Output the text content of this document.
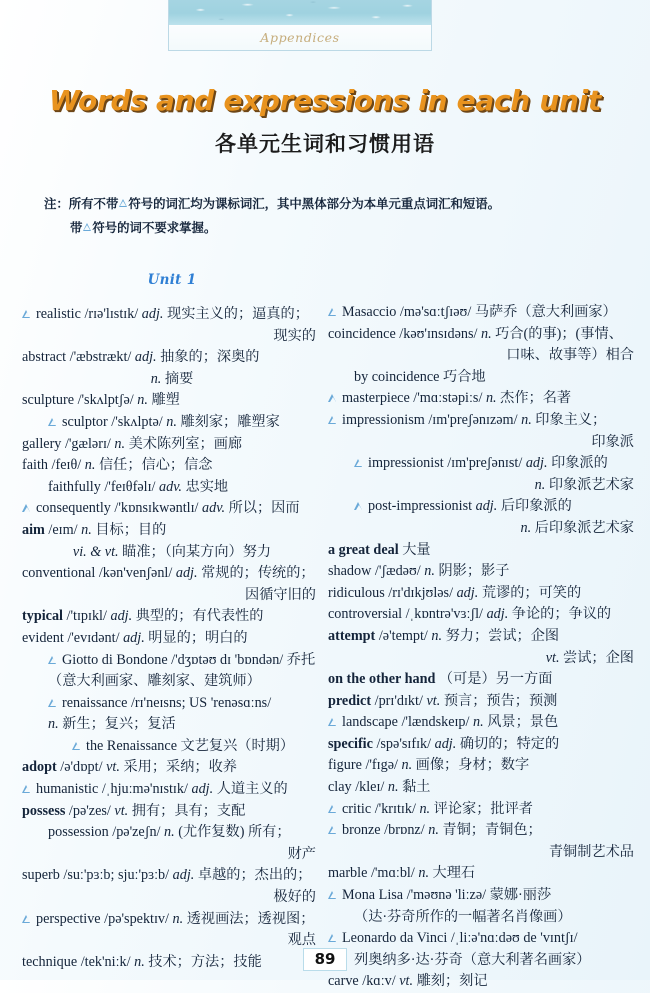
Appendices
Words and expressions in each unit
各单元生词和习惯用语
注：所有不带 符号的词汇均为课标词汇，其中黑体部分为本单元重点词汇和短语。
带 符号的词不要求掌握。
Unit 1
realistic /rɪə'lɪstɪk/ adj. 现实主义的；逼真的；
现实的
abstract /'æbstrækt/ adj. 抽象的；深奥的
n. 摘要
sculpture /'skʌlptʃə/ n. 雕塑
sculptor /'skʌlptə/ n. 雕刻家；雕塑家
gallery /'gælərɪ/ n. 美术陈列室；画廊
faith /feɪθ/ n. 信任；信心；信念
faithfully /'feɪθfəlɪ/ adv. 忠实地
consequently /'kɒnsɪkwəntlɪ/ adv. 所以；因而
aim /eɪm/ n. 目标；目的
vi. & vt. 瞄准；（向某方向）努力
conventional /kən'venʃənl/ adj. 常规的；传统的；
因循守旧的
typical /'tɪpɪkl/ adj. 典型的；有代表性的
evident /'evɪdənt/ adj. 明显的；明白的
Giotto di Bondone /'dʒɒtəʊ dɪ 'bɒndən/ 乔托
（意大利画家、雕刻家、建筑师）
renaissance /rɪ'neɪsns; US 'renəsɑːns/
n. 新生；复兴；复活
the Renaissance 文艺复兴（时期）
adopt /ə'dɒpt/ vt. 采用；采纳；收养
humanistic /ˌhjuːmə'nɪstɪk/ adj. 人道主义的
possess /pə'zes/ vt. 拥有；具有；支配
possession /pə'zeʃn/ n. (尤作复数) 所有；
财产
superb /suː'pɜːb; sjuː'pɜːb/ adj. 卓越的；杰出的；
极好的
perspective /pə'spektɪv/ n. 透视画法；透视图；
观点
technique /tek'niːk/ n. 技术；方法；技能
Masaccio /mə'sɑːtʃɪəʊ/ 马萨乔（意大利画家）
coincidence /kəʊ'ɪnsɪdəns/ n. 巧合(的事)；(事情、
口味、故事等）相合
by coincidence 巧合地
masterpiece /'mɑːstəpiːs/ n. 杰作；名著
impressionism /ɪm'preʃənɪzəm/ n. 印象主义；
印象派
impressionist /ɪm'preʃənɪst/ adj. 印象派的
n. 印象派艺术家
post-impressionist adj. 后印象派的
n. 后印象派艺术家
a great deal 大量
shadow /'ʃædəʊ/ n. 阴影；影子
ridiculous /rɪ'dɪkjʊləs/ adj. 荒谬的；可笑的
controversial /ˌkɒntrə'vɜːʃl/ adj. 争论的；争议的
attempt /ə'tempt/ n. 努力；尝试；企图
vt. 尝试；企图
on the other hand （可是）另一方面
predict /prɪ'dɪkt/ vt. 预言；预告；预测
landscape /'lændskeɪp/ n. 风景；景色
specific /spə'sɪfɪk/ adj. 确切的；特定的
figure /'fɪgə/ n. 画像；身材；数字
clay /kleɪ/ n. 黏土
critic /'krɪtɪk/ n. 评论家；批评者
bronze /brɒnz/ n. 青铜；青铜色；
青铜制艺术品
marble /'mɑːbl/ n. 大理石
Mona Lisa /'məʊnə 'liːzə/ 蒙娜·丽莎
（达·芬奇所作的一幅著名肖像画）
Leonardo da Vinci /ˌliːə'nɑːdəʊ de 'vɪntʃɪ/
列奥纳多·达·芬奇（意大利著名画家）
carve /kɑːv/ vt. 雕刻；刻记
89
